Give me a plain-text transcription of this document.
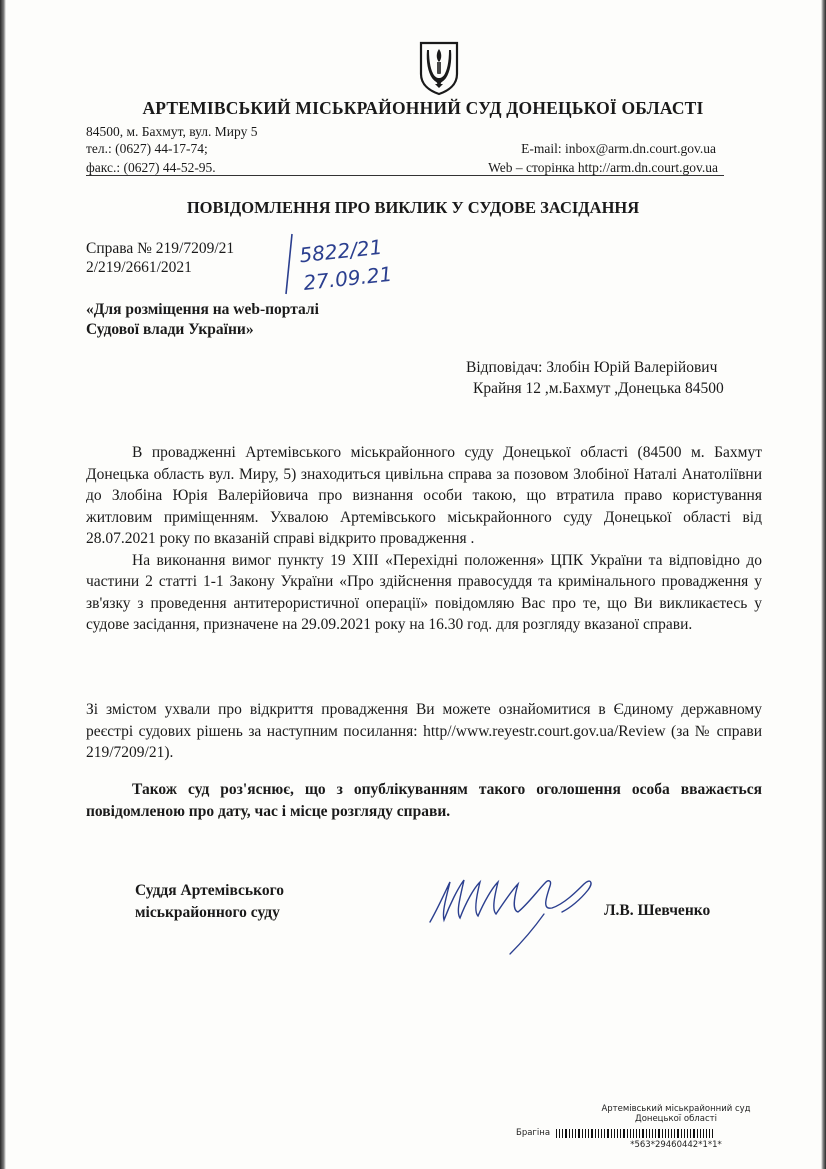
АРТЕМІВСЬКИЙ МІСЬКРАЙОННИЙ СУД ДОНЕЦЬКОЇ ОБЛАСТІ
84500, м. Бахмут, вул. Миру 5
тел.: (0627) 44-17-74;	E-mail: inbox@arm.dn.court.gov.ua
факс.: (0627) 44-52-95.	Web – сторінка http://arm.dn.court.gov.ua
ПОВІДОМЛЕННЯ ПРО ВИКЛИК У СУДОВЕ ЗАСІДАННЯ
Справа № 219/7209/21
2/219/2661/2021
5822/21
27.09.21
«Для розміщення на web-порталі
Судової влади України»
Відповідач: Злобін Юрій Валерійович
Крайня 12 ,м.Бахмут ,Донецька 84500

В провадженні Артемівського міськрайонного суду Донецької області (84500 м. Бахмут Донецька область вул. Миру, 5) знаходиться цивільна справа за позовом Злобіної Наталі Анатоліївни до Злобіна Юрія Валерійовича про визнання особи такою, що втратила право користування житловим приміщенням. Ухвалою Артемівського міськрайонного суду Донецької області від 28.07.2021 року по вказаній справі відкрито провадження .

На виконання вимог пункту 19 XIII «Перехідні положення» ЦПК України та відповідно до частини 2 статті 1-1 Закону України «Про здійснення правосуддя та кримінального провадження у зв'язку з проведення антитерористичної операції» повідомляю Вас про те, що Ви викликаєтесь у судове засідання, призначене на 29.09.2021 року на 16.30 год. для розгляду вказаної справи.

Зі змістом ухвали про відкриття провадження Ви можете ознайомитися в Єдиному державному реєстрі судових рішень за наступним посилання: http//www.reyestr.court.gov.ua/Review (за № справи 219/7209/21).

Також суд роз'яснює, що з опублікуванням такого оголошення особа вважається повідомленою про дату, час і місце розгляду справи.

Суддя Артемівського
міськрайонного суду	Л.В. Шевченко
Артемівський міськрайонний суд
Донецької області
Брагіна
*563*29460442*1*1*
